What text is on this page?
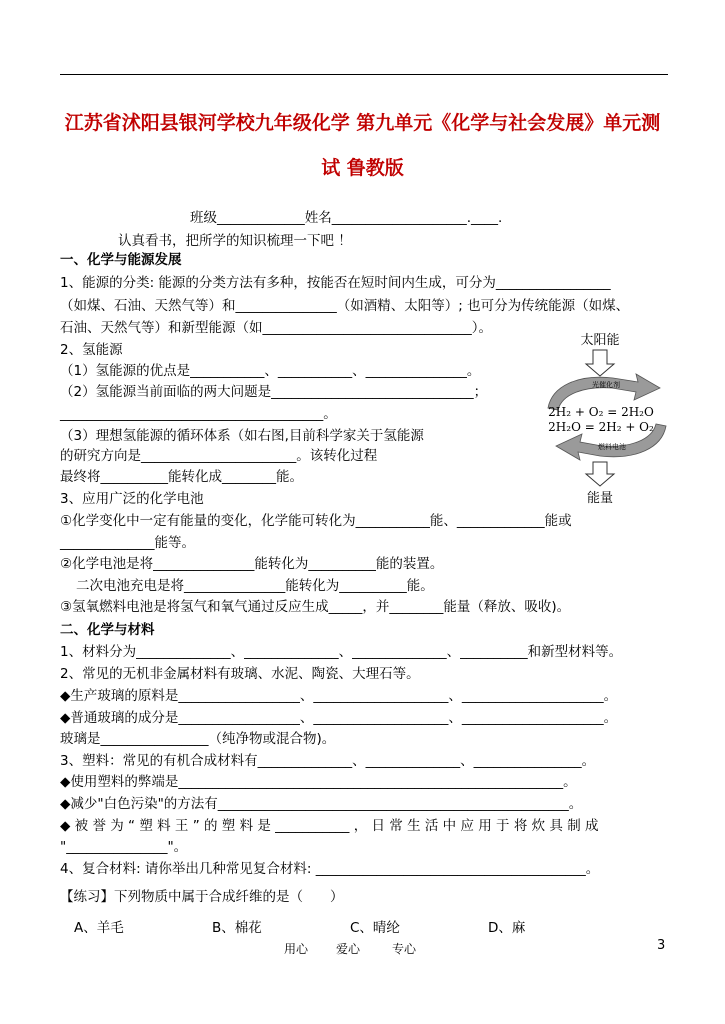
江苏省沭阳县银河学校九年级化学 第九单元《化学与社会发展》单元测
试 鲁教版
班级_____________姓名____________________.____.
认真看书，把所学的知识梳理一下吧 ！
一、化学与能源发展
1、能源的分类: 能源的分类方法有多种，按能否在短时间内生成，可分为_________________
（如煤、石油、天然气等）和_______________（如酒精、太阳等）; 也可分为传统能源（如煤、
石油、天然气等）和新型能源（如_______________________________）。
2、氢能源
（1）氢能源的优点是___________、___________、_______________。
（2）氢能源当前面临的两大问题是______________________________；
_______________________________________。
（3）理想氢能源的循环体系（如右图,目前科学家关于氢能源
的研究方向是_______________________。该转化过程
最终将__________能转化成________能。
3、应用广泛的化学电池
①化学变化中一定有能量的变化，化学能可转化为___________能、_____________能或
______________能等。
②化学电池是将_______________能转化为__________能的装置。
二次电池充电是将_______________能转化为__________能。
③氢氧燃料电池是将氢气和氧气通过反应生成_____，并________能量（释放、吸收)。
二、化学与材料
1、材料分为______________、______________、______________、__________和新型材料等。
2、常见的无机非金属材料有玻璃、水泥、陶瓷、大理石等。
◆生产玻璃的原料是__________________、____________________、_____________________。
◆普通玻璃的成分是__________________、____________________、_____________________。
玻璃是________________（纯净物或混合物)。
3、塑料：常见的有机合成材料有______________、______________、________________。
◆使用塑料的弊端是_________________________________________________________。
◆减少"白色污染"的方法有____________________________________________________。
◆ 被 誉 为 “ 塑 料 王 ” 的 塑 料 是 ___________ ， 日 常 生 活 中 应 用 于 将 炊 具 制 成
"_______________"。
4、复合材料: 请你举出几种常见复合材料: ________________________________________。
【练习】下列物质中属于合成纤维的是（　　）
A、羊毛	B、棉花	C、晴纶	D、麻
太阳能
光催化剂
2H₂ + O₂ = 2H₂O
2H₂O = 2H₂ + O₂
燃料电池
能量
用心 爱心	专心	3
